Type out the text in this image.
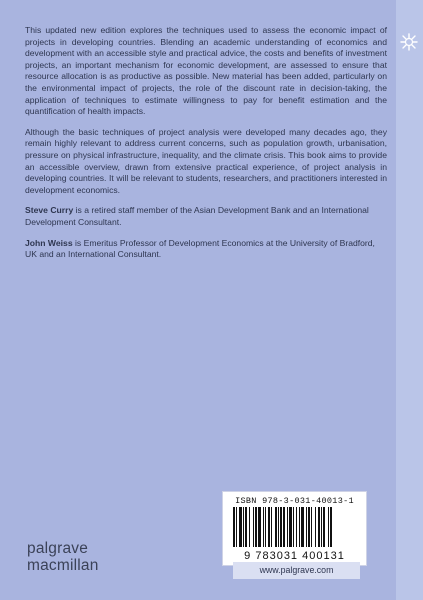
This updated new edition explores the techniques used to assess the economic impact of projects in developing countries. Blending an academic understanding of economics and development with an accessible style and practical advice, the costs and benefits of investment projects, an important mechanism for economic development, are assessed to ensure that resource allocation is as productive as possible. New material has been added, particularly on the environmental impact of projects, the role of the discount rate in decision-taking, the application of techniques to estimate willingness to pay for benefit estimation and the quantification of health impacts.

Although the basic techniques of project analysis were developed many decades ago, they remain highly relevant to address current concerns, such as population growth, urbanisation, pressure on physical infrastructure, inequality, and the climate crisis. This book aims to provide an accessible overview, drawn from extensive practical experience, of project analysis in developing countries. It will be relevant to students, researchers, and practitioners interested in development economics.

Steve Curry is a retired staff member of the Asian Development Bank and an International Development Consultant.

John Weiss is Emeritus Professor of Development Economics at the University of Bradford, UK and an International Consultant.

ISBN 978-3-031-40013-1
9 783031 400131
www.palgrave.com
palgrave
macmillan
